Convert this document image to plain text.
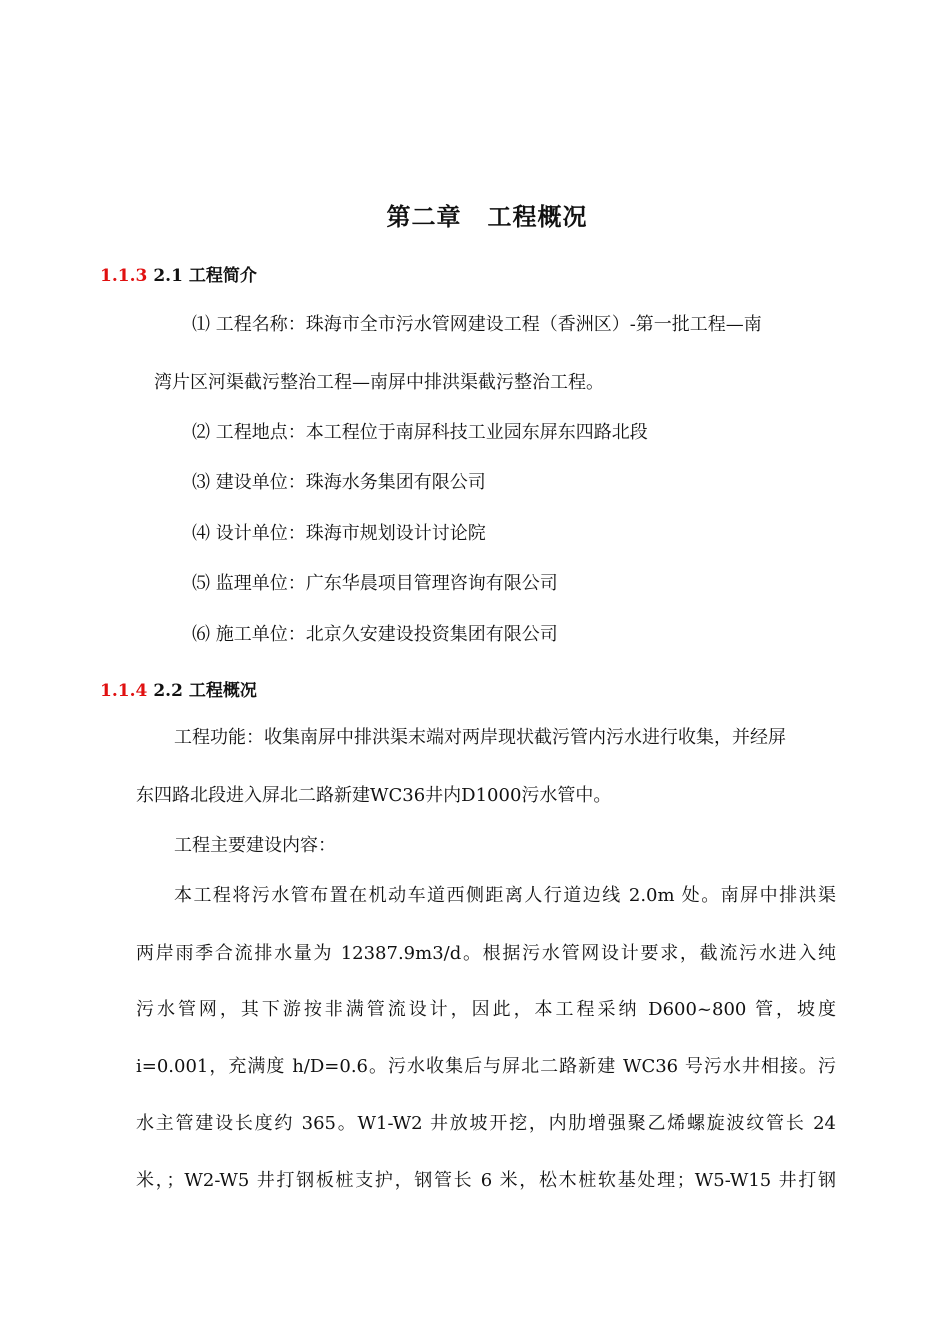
第二章 工程概况
1.1.3 2.1 工程简介
⑴ 工程名称：珠海市全市污水管网建设工程（香洲区）-第一批工程—南
湾片区河渠截污整治工程—南屏中排洪渠截污整治工程。
⑵ 工程地点：本工程位于南屏科技工业园东屏东四路北段
⑶ 建设单位：珠海水务集团有限公司
⑷ 设计单位：珠海市规划设计讨论院
⑸ 监理单位：广东华晨项目管理咨询有限公司
⑹ 施工单位：北京久安建设投资集团有限公司
1.1.4 2.2 工程概况
工程功能：收集南屏中排洪渠末端对两岸现状截污管内污水进行收集，并经屏
东四路北段进入屏北二路新建WC36井内D1000污水管中。
工程主要建设内容：
本工程将污水管布置在机动车道西侧距离人行道边线 2.0m 处。南屏中排洪渠
两岸雨季合流排水量为 12387.9m3/d。根据污水管网设计要求，截流污水进入纯
污水管网，其下游按非满管流设计，因此，本工程采纳 D600~800 管，坡度
i=0.001，充满度 h/D=0.6。污水收集后与屏北二路新建 WC36 号污水井相接。污
水主管建设长度约 365。W1-W2 井放坡开挖，内肋增强聚乙烯螺旋波纹管长 24
米，；W2-W5 井打钢板桩支护，钢管长 6 米，松木桩软基处理；W5-W15 井打钢
